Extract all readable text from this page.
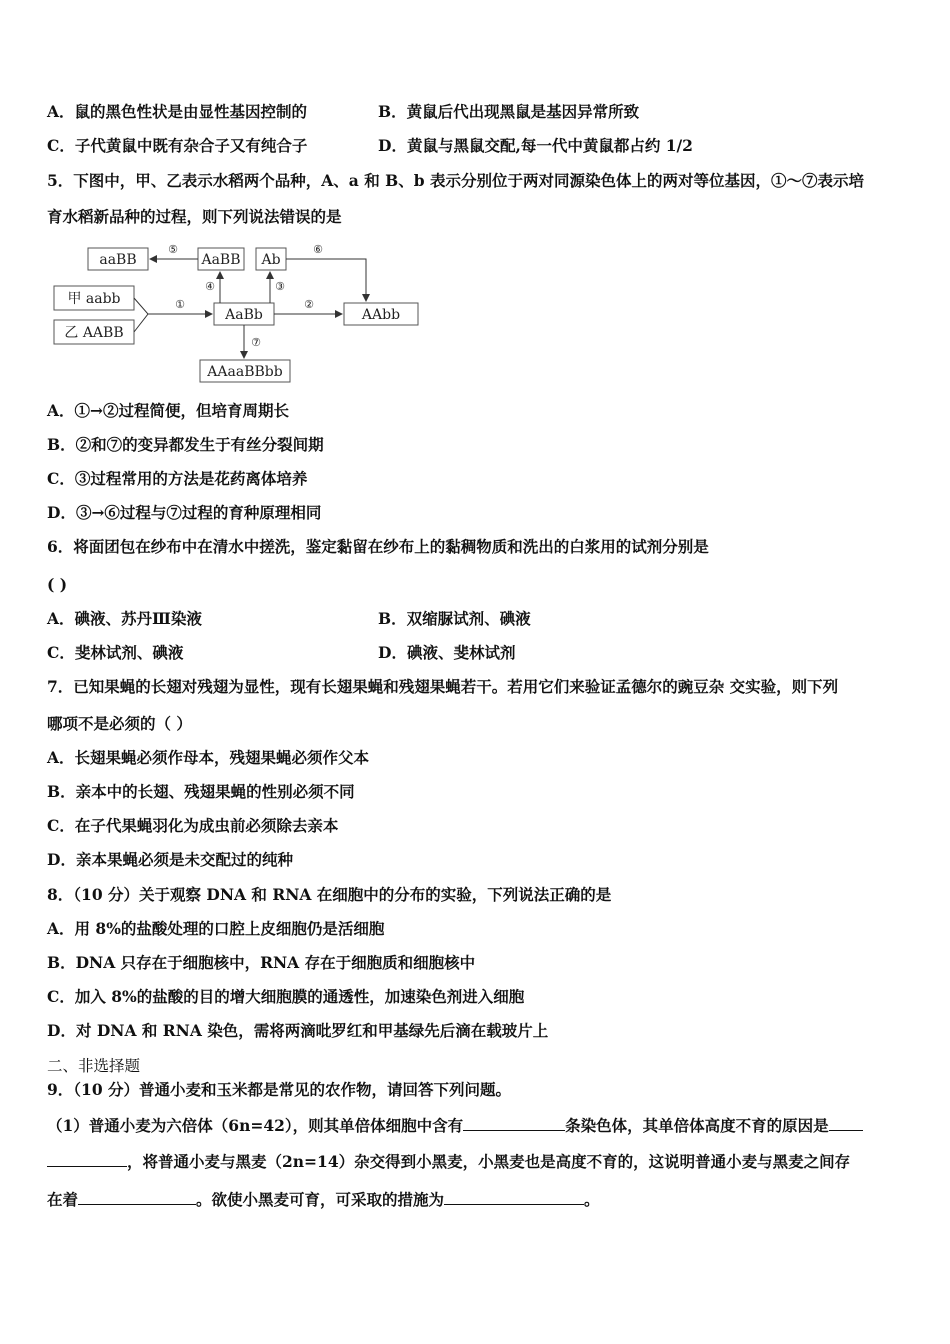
A．鼠的黑色性状是由显性基因控制的	B．黄鼠后代出现黑鼠是基因异常所致
C．子代黄鼠中既有杂合子又有纯合子	D．黄鼠与黑鼠交配,每一代中黄鼠都占约 1/2
5．下图中，甲、乙表示水稻两个品种，A、a 和 B、b 表示分别位于两对同源染色体上的两对等位基因，①～⑦表示培
育水稻新品种的过程，则下列说法错误的是
aaBB	AaBB Ab
甲 aabb
乙 AABB
AaBb	AAbb
AAaaBBbb
①	②
③
④
⑤	⑥
⑦
A．①→②过程简便，但培育周期长
B．②和⑦的变异都发生于有丝分裂间期
C．③过程常用的方法是花药离体培养
D．③→⑥过程与⑦过程的育种原理相同
6．将面团包在纱布中在清水中搓洗，鉴定黏留在纱布上的黏稠物质和洗出的白浆用的试剂分别是
( )
A．碘液、苏丹Ⅲ染液	B．双缩脲试剂、碘液
C．斐林试剂、碘液	D．碘液、斐林试剂
7．已知果蝇的长翅对残翅为显性，现有长翅果蝇和残翅果蝇若干。若用它们来验证孟德尔的豌豆杂 交实验，则下列
哪项不是必须的（ ）
A．长翅果蝇必须作母本，残翅果蝇必须作父本
B．亲本中的长翅、残翅果蝇的性别必须不同
C．在子代果蝇羽化为成虫前必须除去亲本
D．亲本果蝇必须是未交配过的纯种
8．（10 分）关于观察 DNA 和 RNA 在细胞中的分布的实验，下列说法正确的是
A．用 8%的盐酸处理的口腔上皮细胞仍是活细胞
B．DNA 只存在于细胞核中，RNA 存在于细胞质和细胞核中
C．加入 8%的盐酸的目的增大细胞膜的通透性，加速染色剂进入细胞
D．对 DNA 和 RNA 染色，需将两滴吡罗红和甲基绿先后滴在载玻片上
二、非选择题
9．（10 分）普通小麦和玉米都是常见的农作物，请回答下列问题。
（1）普通小麦为六倍体（6n=42），则其单倍体细胞中含有	条染色体，其单倍体高度不育的原因是
，将普通小麦与黑麦（2n=14）杂交得到小黑麦，小黑麦也是高度不育的，这说明普通小麦与黑麦之间存
在着	。欲使小黑麦可育，可采取的措施为	。
